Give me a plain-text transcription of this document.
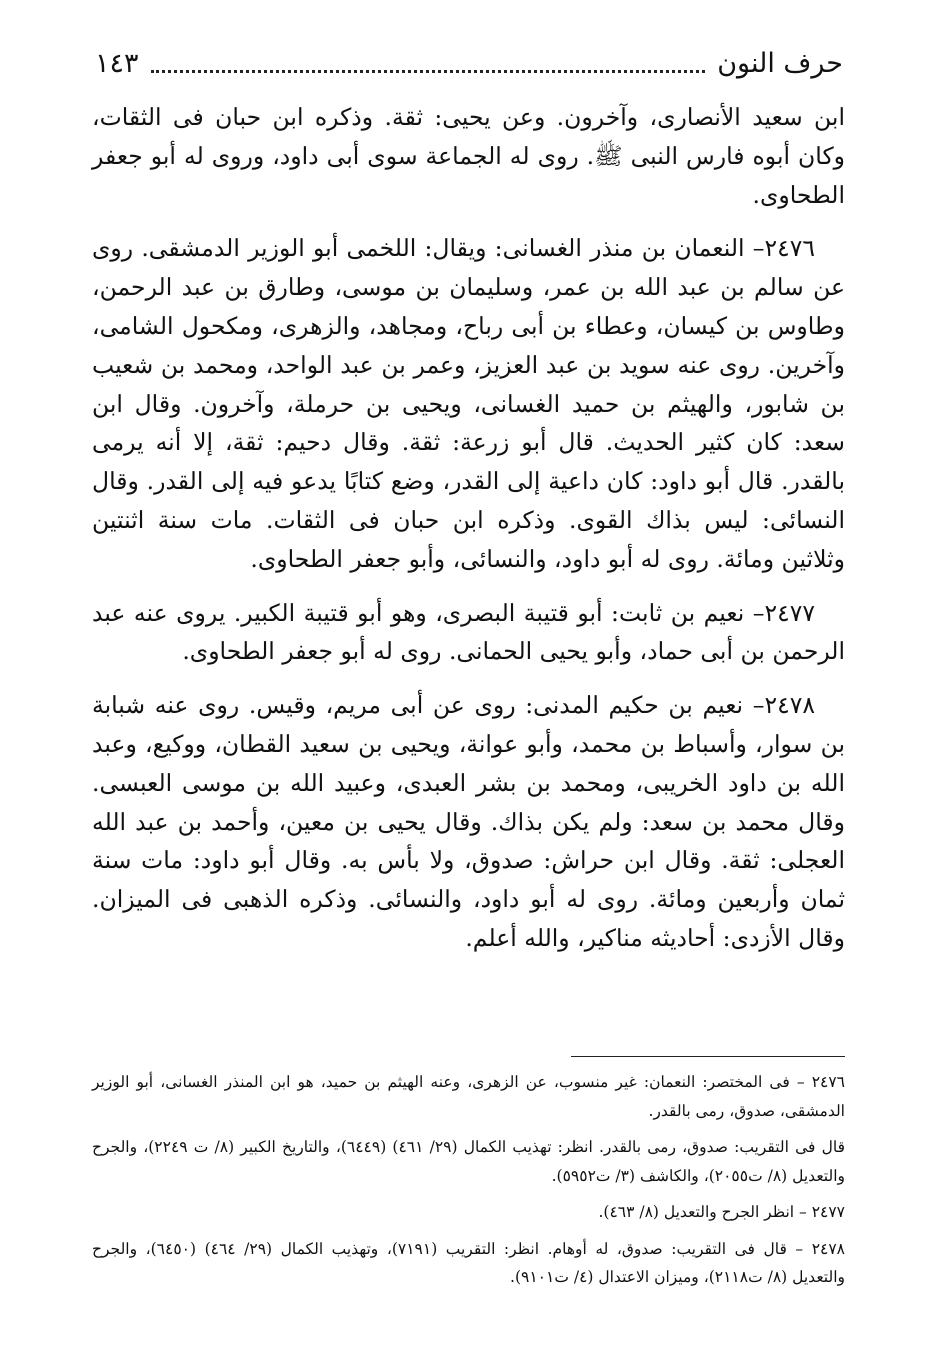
حرف النون
١٤٣

ابن سعيد الأنصارى، وآخرون. وعن يحيى: ثقة. وذكره ابن حبان فى الثقات، وكان أبوه فارس النبى ﷺ. روى له الجماعة سوى أبى داود، وروى له أبو جعفر الطحاوى.

٢٤٧٦– النعمان بن منذر الغسانى: ويقال: اللخمى أبو الوزير الدمشقى. روى عن سالم بن عبد الله بن عمر، وسليمان بن موسى، وطارق بن عبد الرحمن، وطاوس بن كيسان، وعطاء بن أبى رباح، ومجاهد، والزهرى، ومكحول الشامى، وآخرين. روى عنه سويد بن عبد العزيز، وعمر بن عبد الواحد، ومحمد بن شعيب بن شابور، والهيثم بن حميد الغسانى، ويحيى بن حرملة، وآخرون. وقال ابن سعد: كان كثير الحديث. قال أبو زرعة: ثقة. وقال دحيم: ثقة، إلا أنه يرمى بالقدر. قال أبو داود: كان داعية إلى القدر، وضع كتابًا يدعو فيه إلى القدر. وقال النسائى: ليس بذاك القوى. وذكره ابن حبان فى الثقات. مات سنة اثنتين وثلاثين ومائة. روى له أبو داود، والنسائى، وأبو جعفر الطحاوى.

٢٤٧٧– نعيم بن ثابت: أبو قتيبة البصرى، وهو أبو قتيبة الكبير. يروى عنه عبد الرحمن بن أبى حماد، وأبو يحيى الحمانى. روى له أبو جعفر الطحاوى.

٢٤٧٨– نعيم بن حكيم المدنى: روى عن أبى مريم، وقيس. روى عنه شبابة بن سوار، وأسباط بن محمد، وأبو عوانة، ويحيى بن سعيد القطان، ووكيع، وعبد الله بن داود الخريبى، ومحمد بن بشر العبدى، وعبيد الله بن موسى العبسى. وقال محمد بن سعد: ولم يكن بذاك. وقال يحيى بن معين، وأحمد بن عبد الله العجلى: ثقة. وقال ابن حراش: صدوق، ولا بأس به. وقال أبو داود: مات سنة ثمان وأربعين ومائة. روى له أبو داود، والنسائى. وذكره الذهبى فى الميزان. وقال الأزدى: أحاديثه مناكير، والله أعلم.

٢٤٧٦ – فى المختصر: النعمان: غير منسوب، عن الزهرى، وعنه الهيثم بن حميد، هو ابن المنذر الغسانى، أبو الوزير الدمشقى، صدوق، رمى بالقدر.

قال فى التقريب: صدوق، رمى بالقدر. انظر: تهذيب الكمال (٢٩/ ٤٦١) (٦٤٤٩)، والتاريخ الكبير (٨/ ت ٢٢٤٩)، والجرح والتعديل (٨/ ت٢٠٥٥)، والكاشف (٣/ ت٥٩٥٢).

٢٤٧٧ – انظر الجرح والتعديل (٨/ ٤٦٣).

٢٤٧٨ – قال فى التقريب: صدوق، له أوهام. انظر: التقريب (٧١٩١)، وتهذيب الكمال (٢٩/ ٤٦٤) (٦٤٥٠)، والجرح والتعديل (٨/ ت٢١١٨)، وميزان الاعتدال (٤/ ت٩١٠١).
